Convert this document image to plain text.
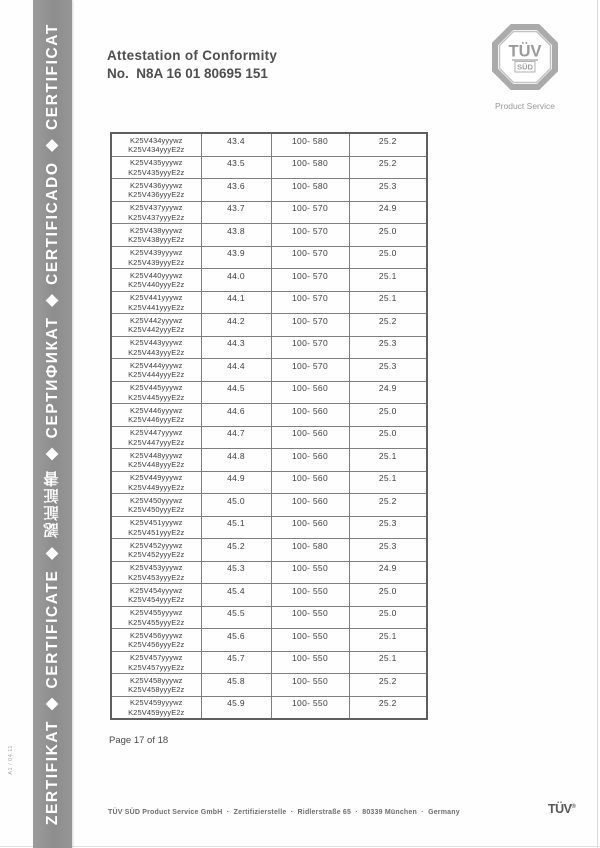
ZERTIFIKAT ◆ CERTIFICATE ◆ 認証証書 ◆ СЕРТИФИКАТ ◆ CERTIFICADO ◆ CERTIFICAT
A1 / 04.11
Attestation of Conformity
No.  N8A 16 01 80695 151
TÜV
SÜD
Product Service
K25V434yyywz
K25V434yyyE2z	43.4	100- 580	25.2

K25V435yyywz
K25V435yyyE2z	43.5	100- 580	25.2

K25V436yyywz
K25V436yyyE2z	43.6	100- 580	25.3

K25V437yyywz
K25V437yyyE2z	43.7	100- 570	24.9

K25V438yyywz
K25V438yyyE2z	43.8	100- 570	25.0

K25V439yyywz
K25V439yyyE2z	43.9	100- 570	25.0

K25V440yyywz
K25V440yyyE2z	44.0	100- 570	25.1

K25V441yyywz
K25V441yyyE2z	44.1	100- 570	25.1

K25V442yyywz
K25V442yyyE2z	44.2	100- 570	25.2

K25V443yyywz
K25V443yyyE2z	44.3	100- 570	25.3

K25V444yyywz
K25V444yyyE2z	44.4	100- 570	25.3

K25V445yyywz
K25V445yyyE2z	44.5	100- 560	24.9

K25V446yyywz
K25V446yyyE2z	44.6	100- 560	25.0

K25V447yyywz
K25V447yyyE2z	44.7	100- 560	25.0

K25V448yyywz
K25V448yyyE2z	44.8	100- 560	25.1

K25V449yyywz
K25V449yyyE2z	44.9	100- 560	25.1

K25V450yyywz
K25V450yyyE2z	45.0	100- 560	25.2

K25V451yyywz
K25V451yyyE2z	45.1	100- 560	25.3

K25V452yyywz
K25V452yyyE2z	45.2	100- 580	25.3

K25V453yyywz
K25V453yyyE2z	45.3	100- 550	24.9

K25V454yyywz
K25V454yyyE2z	45.4	100- 550	25.0

K25V455yyywz
K25V455yyyE2z	45.5	100- 550	25.0

K25V456yyywz
K25V456yyyE2z	45.6	100- 550	25.1

K25V457yyywz
K25V457yyyE2z	45.7	100- 550	25.1

K25V458yyywz
K25V458yyyE2z	45.8	100- 550	25.2

K25V459yyywz
K25V459yyyE2z	45.9	100- 550	25.2
Page 17 of 18
TÜV SÜD Product Service GmbH  ·  Zertifizierstelle  ·  Ridlerstraße 65  ·  80339 München  ·  Germany	TÜV®
